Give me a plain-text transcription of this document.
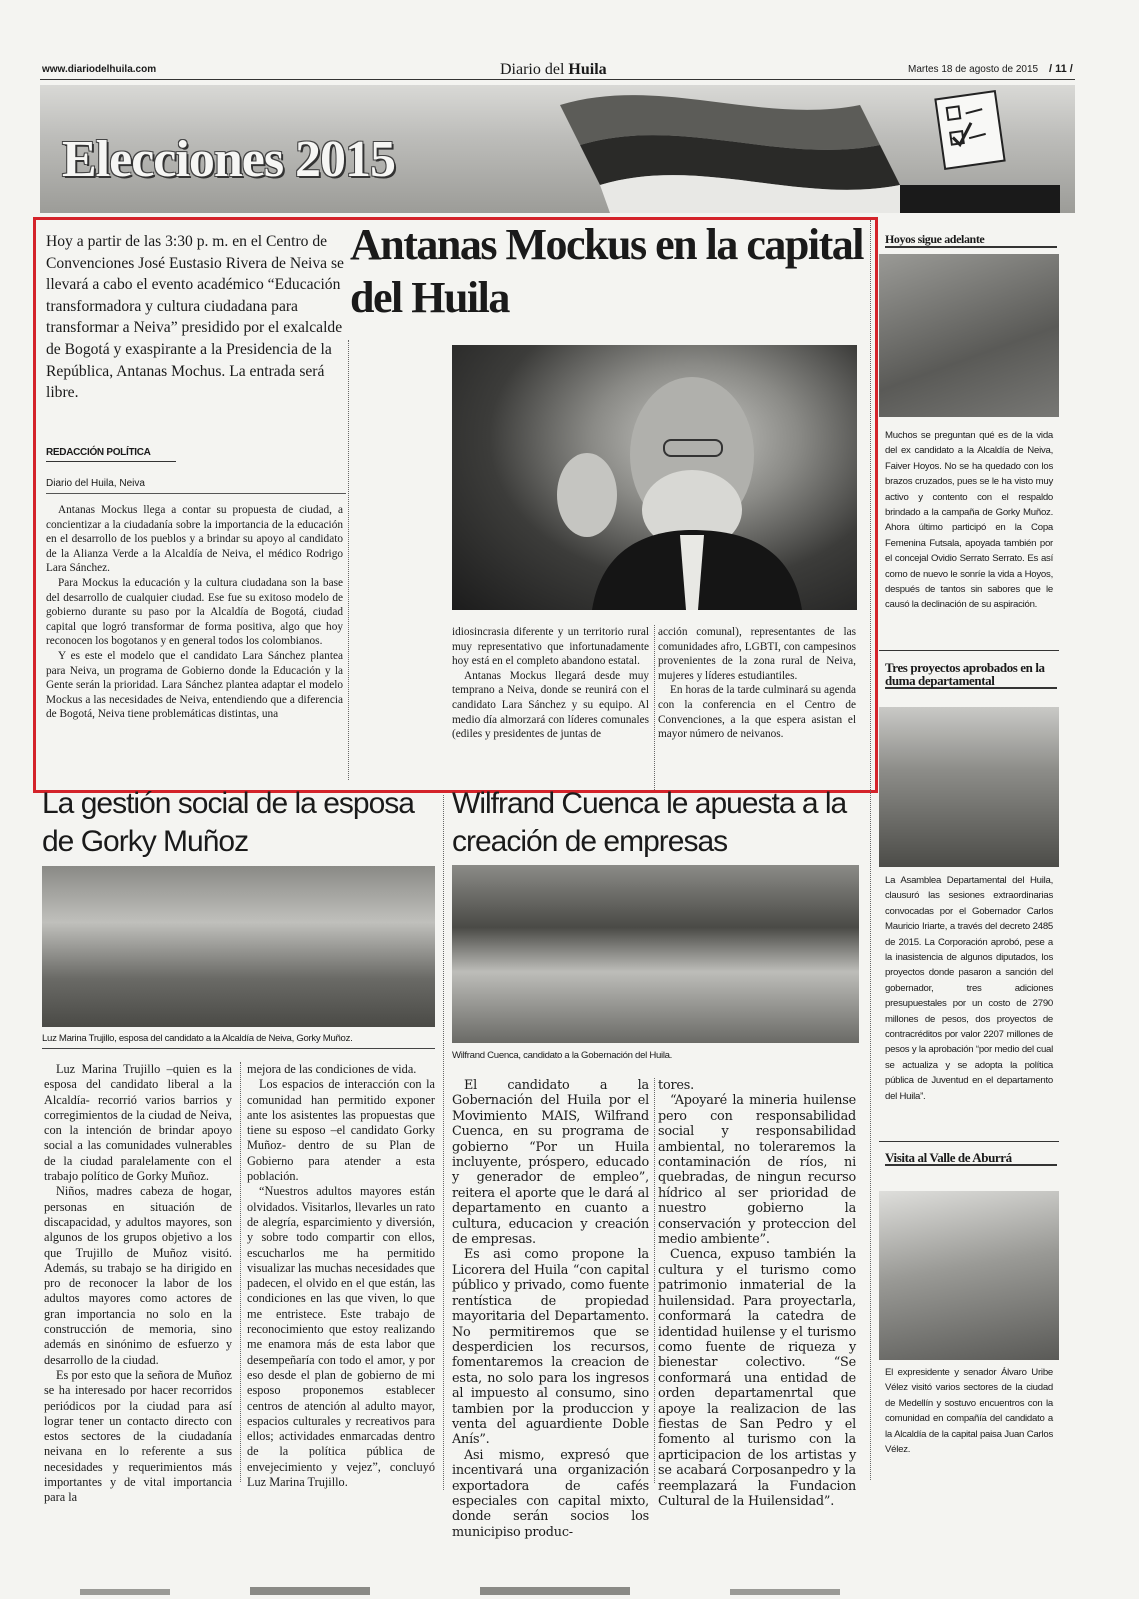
www.diariodelhuila.com	Diario del Huila	Martes 18 de agosto de 2015 / 11 /
Elecciones 2015
Hoy a partir de las 3:30 p. m. en el Centro de Convenciones José Eustasio Rivera de Neiva se llevará a cabo el evento académico “Educación transformadora y cultura ciudadana para transformar a Neiva” presidido por el exalcalde de Bogotá y exaspirante a la Presidencia de la República, Antanas Mochus. La entrada será libre.
REDACCIÓN POLÍTICA
Diario del Huila, Neiva
Antanas Mockus en la capital del Huila

Antanas Mockus llega a contar su propuesta de ciudad, a concientizar a la ciudadanía sobre la importancia de la educación en el desarrollo de los pueblos y a brindar su apoyo al candidato de la Alianza Verde a la Alcaldía de Neiva, el médico Rodrigo Lara Sánchez.

Para Mockus la educación y la cultura ciudadana son la base del desarrollo de cualquier ciudad. Ese fue su exitoso modelo de gobierno durante su paso por la Alcaldía de Bogotá, ciudad capital que logró transformar de forma positiva, algo que hoy reconocen los bogotanos y en general todos los colombianos.

Y es este el modelo que el candidato Lara Sánchez plantea para Neiva, un programa de Gobierno donde la Educación y la Gente serán la prioridad. Lara Sánchez plantea adaptar el modelo Mockus a las necesidades de Neiva, entendiendo que a diferencia de Bogotá, Neiva tiene problemáticas distintas, una

idiosincrasia diferente y un territorio rural muy representativo que infortunadamente hoy está en el completo abandono estatal.

Antanas Mockus llegará desde muy temprano a Neiva, donde se reunirá con el candidato Lara Sánchez y su equipo. Al medio día almorzará con líderes comunales (ediles y presidentes de juntas de

acción comunal), representantes de las comunidades afro, LGBTI, con campesinos provenientes de la zona rural de Neiva, mujeres y líderes estudiantiles.

En horas de la tarde culminará su agenda con la conferencia en el Centro de Convenciones, a la que espera asistan el mayor número de neivanos.

Hoyos sigue adelante
Muchos se preguntan qué es de la vida del ex candidato a la Alcaldía de Neiva, Faiver Hoyos. No se ha quedado con los brazos cruzados, pues se le ha visto muy activo y contento con el respaldo brindado a la campaña de Gorky Muñoz. Ahora último participó en la Copa Femenina Futsala, apoyada también por el concejal Ovidio Serrato Serrato. Es así como de nuevo le sonríe la vida a Hoyos, después de tantos sin sabores que le causó la declinación de su aspiración.
Tres proyectos aprobados en la duma departamental
La Asamblea Departamental del Huila, clausuró las sesiones extraordinarias convocadas por el Gobernador Carlos Mauricio Iriarte, a través del decreto 2485 de 2015. La Corporación aprobó, pese a la inasistencia de algunos diputados, los proyectos donde pasaron a sanción del gobernador, tres adiciones presupuestales por un costo de 2790 millones de pesos, dos proyectos de contracréditos por valor 2207 millones de pesos y la aprobación “por medio del cual se actualiza y se adopta la política pública de Juventud en el departamento del Huila”.
Visita al Valle de Aburrá
El expresidente y senador Álvaro Uribe Vélez visitó varios sectores de la ciudad de Medellín y sostuvo encuentros con la comunidad en compañía del candidato a la Alcaldía de la capital paisa Juan Carlos Vélez.
La gestión social de la esposa de Gorky Muñoz
Luz Marina Trujillo, esposa del candidato a la Alcaldía de Neiva, Gorky Muñoz.

Luz Marina Trujillo –quien es la esposa del candidato liberal a la Alcaldía- recorrió varios barrios y corregimientos de la ciudad de Neiva, con la intención de brindar apoyo social a las comunidades vulnerables de la ciudad paralelamente con el trabajo político de Gorky Muñoz.

Niños, madres cabeza de hogar, personas en situación de discapacidad, y adultos mayores, son algunos de los grupos objetivo a los que Trujillo de Muñoz visitó. Además, su trabajo se ha dirigido en pro de reconocer la labor de los adultos mayores como actores de gran importancia no solo en la construcción de memoria, sino además en sinónimo de esfuerzo y desarrollo de la ciudad.

Es por esto que la señora de Muñoz se ha interesado por hacer recorridos periódicos por la ciudad para así lograr tener un contacto directo con estos sectores de la ciudadanía neivana en lo referente a sus necesidades y requerimientos más importantes y de vital importancia para la

mejora de las condiciones de vida.

Los espacios de interacción con la comunidad han permitido exponer ante los asistentes las propuestas que tiene su esposo –el candidato Gorky Muñoz- dentro de su Plan de Gobierno para atender a esta población.

“Nuestros adultos mayores están olvidados. Visitarlos, llevarles un rato de alegría, esparcimiento y diversión, y sobre todo compartir con ellos, escucharlos me ha permitido visualizar las muchas necesidades que padecen, el olvido en el que están, las condiciones en las que viven, lo que me entristece. Este trabajo de reconocimiento que estoy realizando me enamora más de esta labor que desempeñaría con todo el amor, y por eso desde el plan de gobierno de mi esposo proponemos establecer centros de atención al adulto mayor, espacios culturales y recreativos para ellos; actividades enmarcadas dentro de la política pública de envejecimiento y vejez”, concluyó Luz Marina Trujillo.

Wilfrand Cuenca le apuesta a la creación de empresas
Wilfrand Cuenca, candidato a la Gobernación del Huila.

El candidato a la Gobernación del Huila por el Movimiento MAIS, Wilfrand Cuenca, en su programa de gobierno “Por un Huila incluyente, próspero, educado y generador de empleo”, reitera el aporte que le dará al departamento en cuanto a cultura, educacion y creación de empresas.

Es asi como propone la Licorera del Huila “con capital público y privado, como fuente rentística de propiedad mayoritaria del Departamento. No permitiremos que se desperdicien los recursos, fomentaremos la creacion de esta, no solo para los ingresos al impuesto al consumo, sino tambien por la produccion y venta del aguardiente Doble Anís”.

Asi mismo, expresó que incentivará una organización exportadora de cafés especiales con capital mixto, donde serán socios los municipiso produc-

tores.

“Apoyaré la mineria huilense pero con responsabilidad social y responsabilidad ambiental, no toleraremos la contaminación de ríos, ni quebradas, de ningun recurso hídrico al ser prioridad de nuestro gobierno la conservación y proteccion del medio ambiente”.

Cuenca, expuso también la cultura y el turismo como patrimonio inmaterial de la huilensidad. Para proyectarla, conformará la catedra de identidad huilense y el turismo como fuente de riqueza y bienestar colectivo. “Se conformará una entidad de orden departamenrtal que apoye la realizacion de las fiestas de San Pedro y el fomento al turismo con la aprticipacion de los artistas y se acabará Corposanpedro y la reemplazará la Fundacion Cultural de la Huilensidad”.
